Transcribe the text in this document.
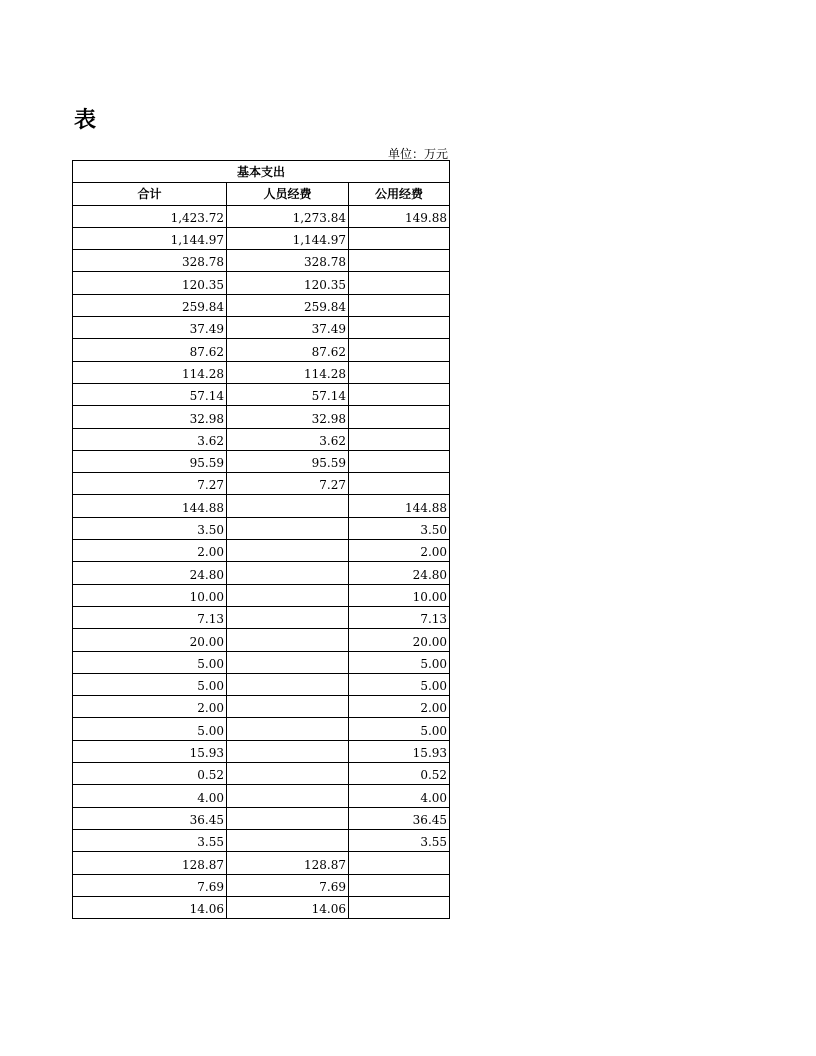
表
单位：万元
基本支出		
合计	人员经费	公用经费
1,423.72	1,273.84	149.88
1,144.97	1,144.97	
328.78	328.78	
120.35	120.35	
259.84	259.84	
37.49	37.49	
87.62	87.62	
114.28	114.28	
57.14	57.14	
32.98	32.98	
3.62	3.62	
95.59	95.59	
7.27	7.27	
144.88		144.88
3.50		3.50
2.00		2.00
24.80		24.80
10.00		10.00
7.13		7.13
20.00		20.00
5.00		5.00
5.00		5.00
2.00		2.00
5.00		5.00
15.93		15.93
0.52		0.52
4.00		4.00
36.45		36.45
3.55		3.55
128.87	128.87	
7.69	7.69	
14.06	14.06	
